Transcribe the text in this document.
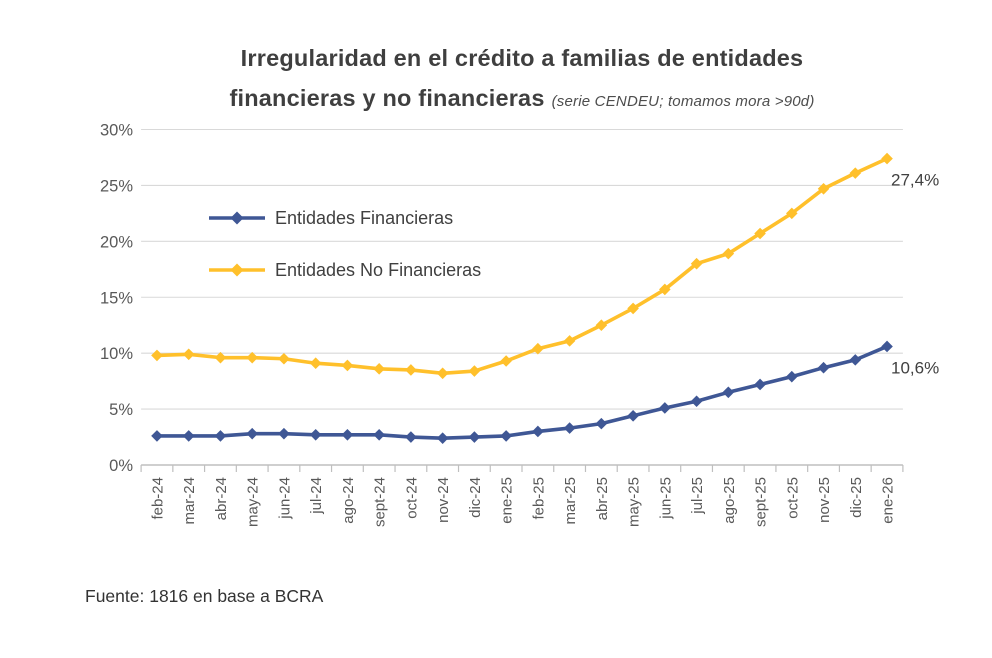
0%
5%
10%
15%
20%
25%
30%
feb-24 mar-24 abr-24 may-24 jun-24 jul-24 ago-24 sept-24 oct-24 nov-24 dic-24 ene-25 feb-25 mar-25 abr-25 may-25 jun-25 jul-25 ago-25 sept-25 oct-25 nov-25 dic-25 ene-26
10,6%
27,4%
Irregularidad en el crédito a familias de entidades
financieras y no financieras (serie CENDEU; tomamos mora >90d)
Entidades Financieras
Entidades No Financieras
Fuente: 1816 en base a BCRA
